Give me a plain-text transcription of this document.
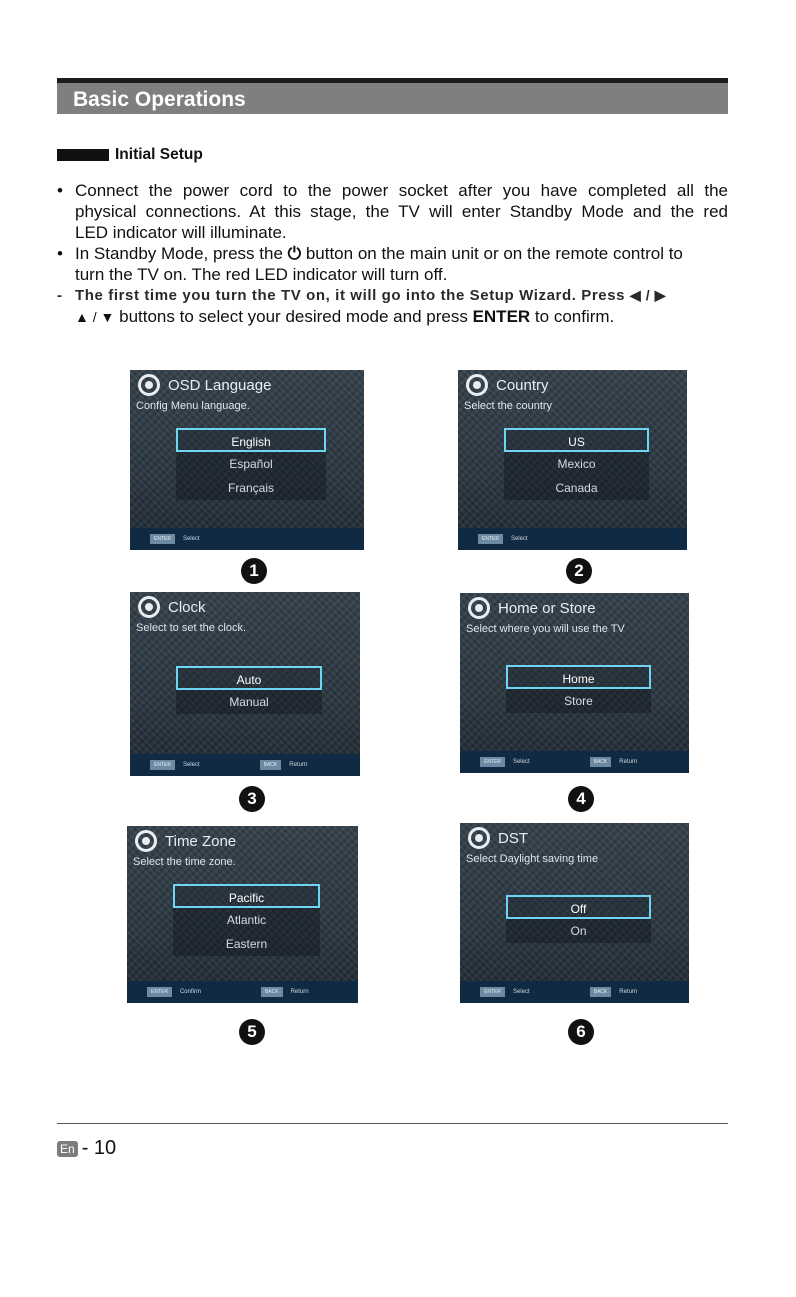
Basic Operations
Initial Setup
• Connect the power cord to the power socket after you have completed all the
physical connections. At this stage, the TV will enter Standby Mode and the red
LED indicator will illuminate.
• In Standby Mode, press the ⏻ button on the main unit or on the remote control to
turn the TV on. The red LED indicator will turn off.
- The first time you turn the TV on, it will go into the Setup Wizard. Press ◀ / ▶
▲ / ▼ buttons to select your desired mode and press ENTER to confirm.
OSD Language
Config Menu language.
English
Español
Français
ENTER	Select
1
Country
Select the country
US
Mexico
Canada
ENTER	Select
2
Clock
Select to set the clock.
Auto
Manual
ENTER	Select	BACK	Return
3
Home or Store
Select where you will use the TV
Home
Store
ENTER	Select	BACK	Return
4
Time Zone
Select the time zone.
Pacific
Atlantic
Eastern
ENTER	Confirm	BACK	Return
5
DST
Select Daylight saving time
Off
On
ENTER	Select	BACK	Return
6
En - 10
